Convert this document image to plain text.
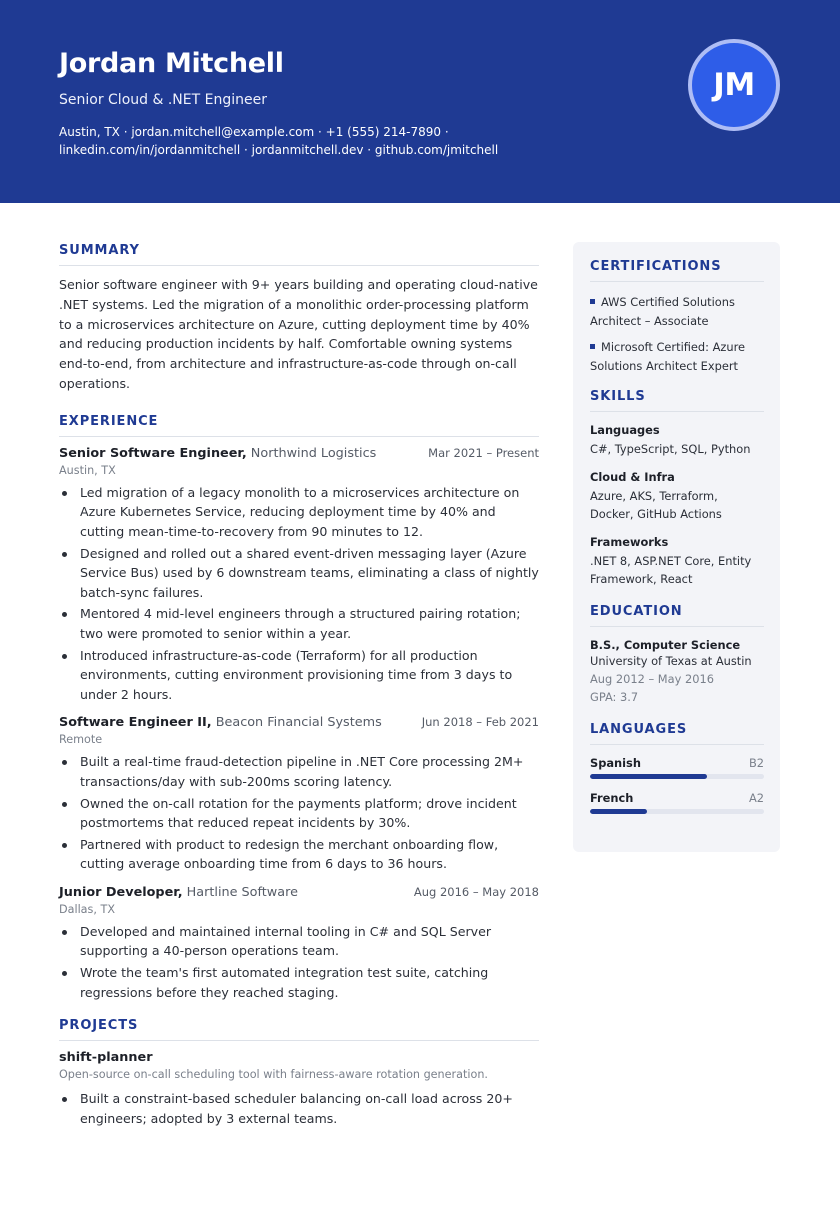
Jordan Mitchell
Senior Cloud & .NET Engineer
Austin, TX · jordan.mitchell@example.com · +1 (555) 214-7890 ·
linkedin.com/in/jordanmitchell · jordanmitchell.dev · github.com/jmitchell
JM
SUMMARY

Senior software engineer with 9+ years building and operating cloud-native .NET systems. Led the migration of a monolithic order-processing platform to a microservices architecture on Azure, cutting deployment time by 40% and reducing production incidents by half. Comfortable owning systems end-to-end, from architecture and infrastructure-as-code through on-call operations.

EXPERIENCE
Senior Software Engineer, Northwind Logistics	Mar 2021 – Present
Austin, TX
Led migration of a legacy monolith to a microservices architecture on Azure Kubernetes Service, reducing deployment time by 40% and cutting mean-time-to-recovery from 90 minutes to 12.
Designed and rolled out a shared event-driven messaging layer (Azure Service Bus) used by 6 downstream teams, eliminating a class of nightly batch-sync failures.
Mentored 4 mid-level engineers through a structured pairing rotation; two were promoted to senior within a year.
Introduced infrastructure-as-code (Terraform) for all production environments, cutting environment provisioning time from 3 days to under 2 hours.
Software Engineer II, Beacon Financial Systems	Jun 2018 – Feb 2021
Remote
Built a real-time fraud-detection pipeline in .NET Core processing 2M+ transactions/day with sub-200ms scoring latency.
Owned the on-call rotation for the payments platform; drove incident postmortems that reduced repeat incidents by 30%.
Partnered with product to redesign the merchant onboarding flow, cutting average onboarding time from 6 days to 36 hours.
Junior Developer, Hartline Software	Aug 2016 – May 2018
Dallas, TX
Developed and maintained internal tooling in C# and SQL Server supporting a 40-person operations team.
Wrote the team's first automated integration test suite, catching regressions before they reached staging.
PROJECTS
shift-planner
Open-source on-call scheduling tool with fairness-aware rotation generation.
Built a constraint-based scheduler balancing on-call load across 20+ engineers; adopted by 3 external teams.
CERTIFICATIONS
AWS Certified Solutions Architect – Associate
Microsoft Certified: Azure Solutions Architect Expert
SKILLS
Languages
C#, TypeScript, SQL, Python
Cloud & Infra
Azure, AKS, Terraform, Docker, GitHub Actions
Frameworks
.NET 8, ASP.NET Core, Entity Framework, React
EDUCATION
B.S., Computer Science
University of Texas at Austin
Aug 2012 – May 2016
GPA: 3.7
LANGUAGES
Spanish	B2
French	A2
